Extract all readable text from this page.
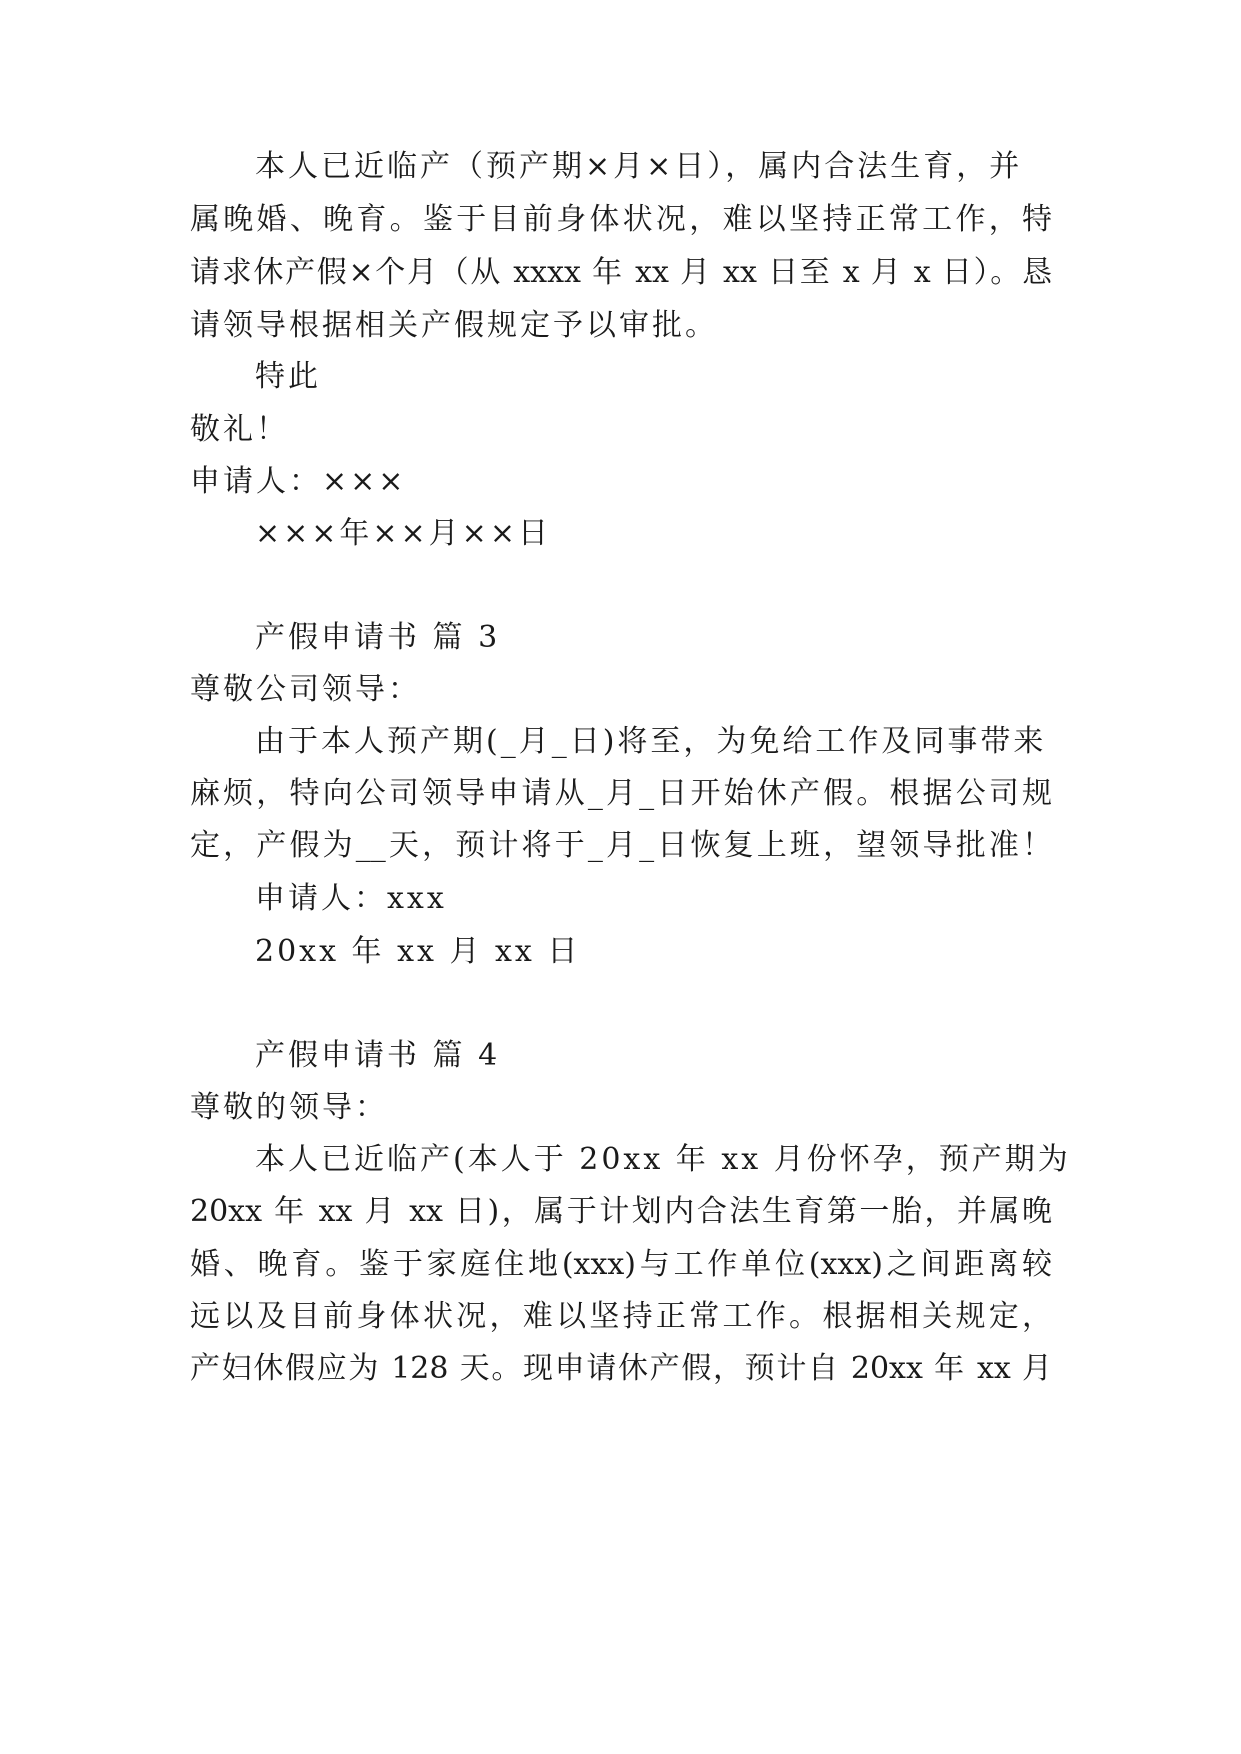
本人已近临产（预产期×月×日），属内合法生育，并
属晚婚、晚育。鉴于目前身体状况，难以坚持正常工作，特
请求休产假×个月（从 xxxx 年 xx 月 xx 日至 x 月 x 日）。恳
请领导根据相关产假规定予以审批。
特此
敬礼！
申请人：×××
×××年××月××日
产假申请书 篇 3
尊敬公司领导：
由于本人预产期(_月_日)将至，为免给工作及同事带来
麻烦，特向公司领导申请从_月_日开始休产假。根据公司规
定，产假为__天，预计将于_月_日恢复上班，望领导批准！
申请人：xxx
20xx 年 xx 月 xx 日
产假申请书 篇 4
尊敬的领导：
本人已近临产(本人于 20xx 年 xx 月份怀孕，预产期为
20xx 年 xx 月 xx 日)，属于计划内合法生育第一胎，并属晚
婚、晚育。鉴于家庭住地(xxx)与工作单位(xxx)之间距离较
远以及目前身体状况，难以坚持正常工作。根据相关规定，
产妇休假应为 128 天。现申请休产假，预计自 20xx 年 xx 月
